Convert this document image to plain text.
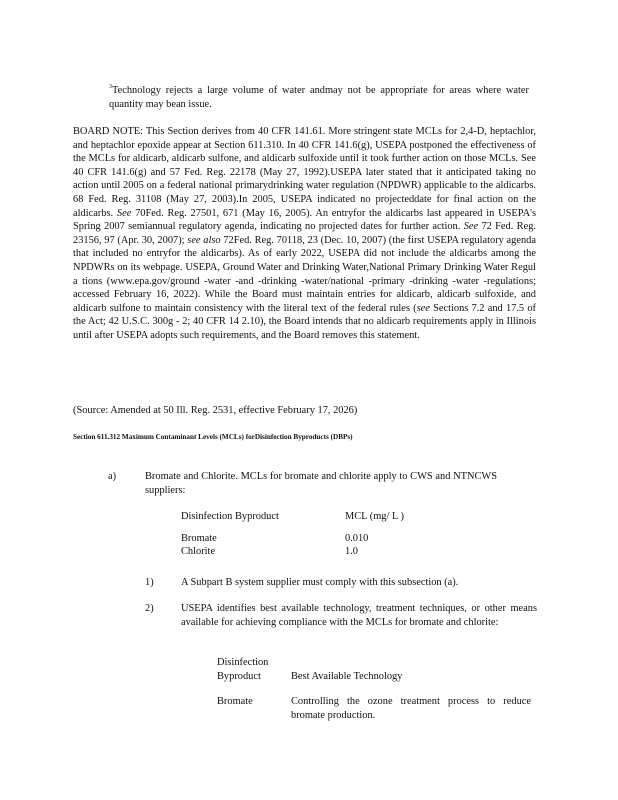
$^3$Technology rejects a large volume of water andmay not be appropriate for areas where water quantity may bean issue.
BOARD NOTE: This Section derives from 40 CFR 141.61. More stringent state MCLs for 2,4-D, heptachlor, and heptachlor epoxide appear at Section 611.310. In 40 CFR 141.6(g), USEPA postponed the effectiveness of the MCLs for aldicarb, aldicarb sulfone, and aldicarb sulfoxide until it took further action on those MCLs. See 40 CFR 141.6(g) and 57 Fed. Reg. 22178 (May 27, 1992).USEPA later stated that it anticipated taking no action until 2005 on a federal national primarydrinking water regulation (NPDWR) applicable to the aldicarbs. 68 Fed. Reg. 31108 (May 27, 2003).In 2005, USEPA indicated no projecteddate for final action on the aldicarbs. See 70Fed. Reg. 27501, 671 (May 16, 2005). An entryfor the aldicarbs last appeared in USEPA's Spring 2007 semiannual regulatory agenda, indicating no projected dates for further action. See 72 Fed. Reg. 23156, 97 (Apr. 30, 2007); see also 72Fed. Reg. 70118, 23 (Dec. 10, 2007) (the first USEPA regulatory agenda that included no entryfor the aldicarbs). As of early 2022, USEPA did not include the aldicarbs among the NPDWRs on its webpage. USEPA, Ground Water and Drinking Water,National Primary Drinking Water Regul a tions (www.epa.gov/ground -water -and -drinking -water/national -primary -drinking -water -regulations; accessed February 16, 2022). While the Board must maintain entries for aldicarb, aldicarb sulfoxide, and aldicarb sulfone to maintain consistency with the literal text of the federal rules (see Sections 7.2 and 17.5 of the Act; 42 U.S.C. 300g - 2; 40 CFR 14 2.10), the Board intends that no aldicarb requirements apply in Illinois until after USEPA adopts such requirements, and the Board removes this statement.
(Source: Amended at 50 Ill. Reg. 2531, effective February 17, 2026)
Section 611.312 Maximum Contaminant Levels (MCLs) forDisinfection Byproducts (DBPs)
a)	Bromate and Chlorite. MCLs for bromate and chlorite apply to CWS and NTNCWS suppliers:
Disinfection Byproduct	MCL (mg/ L )
Bromate	0.010
Chlorite	1.0
1)	A Subpart B system supplier must comply with this subsection (a).
2)	USEPA identifies best available technology, treatment techniques, or other means available for achieving compliance with the MCLs for bromate and chlorite:
Disinfection
Byproduct	Best Available Technology
Bromate	Controlling the ozone treatment process to reduce bromate production.
